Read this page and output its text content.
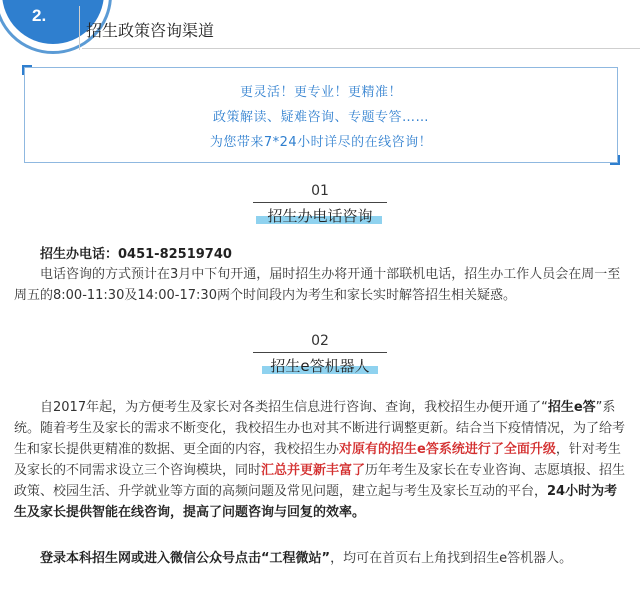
2.
招生政策咨询渠道
更灵活！更专业！更精准！
政策解读、疑难咨询、专题专答……
为您带来7*24小时详尽的在线咨询！
01
招生办电话咨询
招生办电话：0451-82519740
电话咨询的方式预计在3月中下旬开通，届时招生办将开通十部联机电话，招生办工作人员会在周一至周五的8:00-11:30及14:00-17:30两个时间段内为考生和家长实时解答招生相关疑惑。
02
招生e答机器人
自2017年起，为方便考生及家长对各类招生信息进行咨询、查询，我校招生办便开通了“招生e答”系统。随着考生及家长的需求不断变化，我校招生办也对其不断进行调整更新。结合当下疫情情况，为了给考生和家长提供更精准的数据、更全面的内容，我校招生办对原有的招生e答系统进行了全面升级，针对考生及家长的不同需求设立三个咨询模块，同时汇总并更新丰富了历年考生及家长在专业咨询、志愿填报、招生政策、校园生活、升学就业等方面的高频问题及常见问题，建立起与考生及家长互动的平台，24小时为考生及家长提供智能在线咨询，提高了问题咨询与回复的效率。
登录本科招生网或进入微信公众号点击“工程微站”，均可在首页右上角找到招生e答机器人。
